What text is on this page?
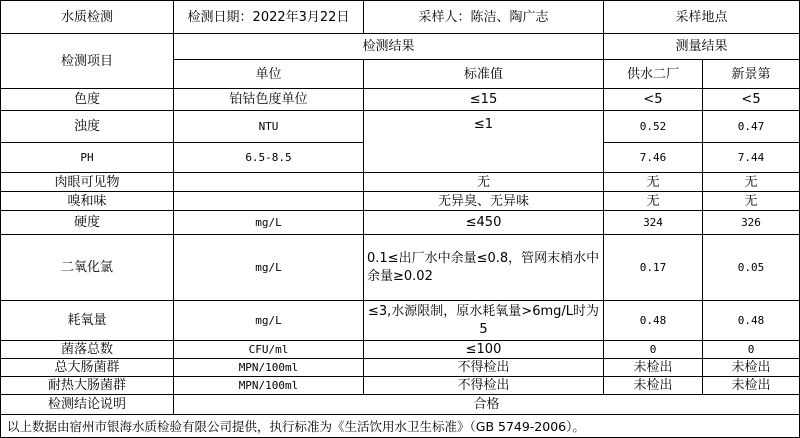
水质检测	检测日期：2022年3月22日	采样人：陈洁、陶广志	采样地点	
检测项目	检测结果		测量结果	
	单位	标准值	供水二厂	新景第
色度	铂钴色度单位	≤15	<5	<5
浊度	NTU	≤1	0.52	0.47
PH	6.5-8.5		7.46	7.44
肉眼可见物		无	无	无
嗅和味		无异臭、无异味	无	无
硬度	mg/L	≤450	324	326
二氧化氯	mg/L	0.1≤出厂水中余量≤0.8，管网末梢水中余量≥0.02	0.17	0.05
耗氧量	mg/L	≤3,水源限制，原水耗氧量>6mg/L时为5	0.48	0.48
菌落总数	CFU/ml	≤100	0	0
总大肠菌群	MPN/100ml	不得检出	未检出	未检出
耐热大肠菌群	MPN/100ml	不得检出	未检出	未检出
检测结论说明	合格			
以上数据由宿州市银海水质检验有限公司提供，执行标准为《生活饮用水卫生标准》（GB 5749-2006）。				
